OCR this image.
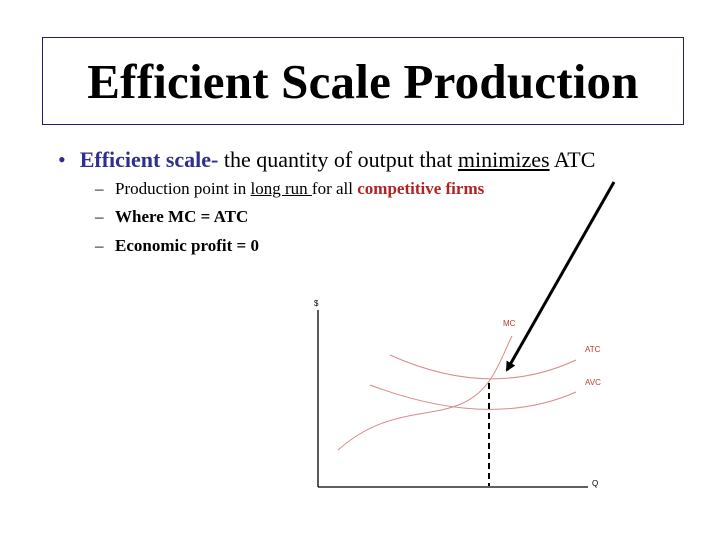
Efficient Scale Production
• Efficient scale- the quantity of output that minimizes ATC
– Production point in long run for all competitive firms
– Where MC = ATC
– Economic profit = 0
$
Q
MC
ATC
AVC
